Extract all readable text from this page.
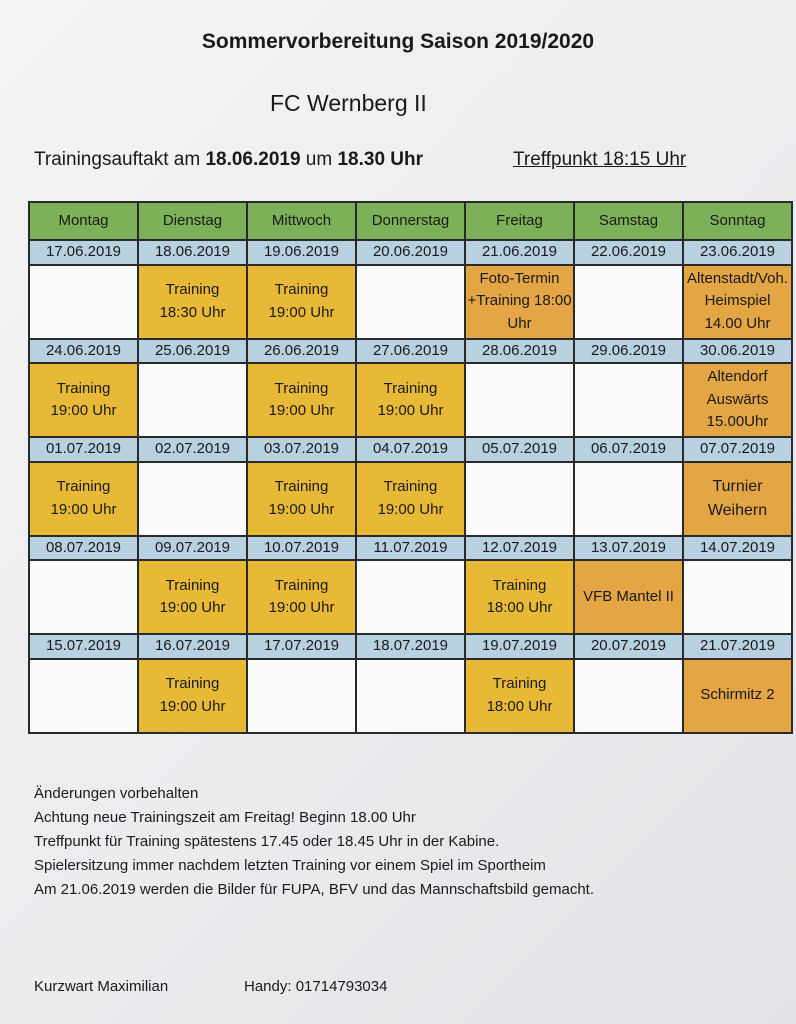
Sommervorbereitung Saison 2019/2020
FC Wernberg II
Trainingsauftakt am 18.06.2019 um 18.30 Uhr	Treffpunkt 18:15 Uhr
Montag	Dienstag	Mittwoch	Donnerstag	Freitag	Samstag	Sonntag
17.06.2019	18.06.2019	19.06.2019	20.06.2019	21.06.2019	22.06.2019	23.06.2019
	Training
18:30 Uhr	Training
19:00 Uhr		Foto-Termin
+Training 18:00
Uhr		Altenstadt/Voh.
Heimspiel
14.00 Uhr
24.06.2019	25.06.2019	26.06.2019	27.06.2019	28.06.2019	29.06.2019	30.06.2019
Training
19:00 Uhr		Training
19:00 Uhr	Training
19:00 Uhr			Altendorf
Auswärts
15.00Uhr
01.07.2019	02.07.2019	03.07.2019	04.07.2019	05.07.2019	06.07.2019	07.07.2019
Training
19:00 Uhr		Training
19:00 Uhr	Training
19:00 Uhr			Turnier
Weihern
08.07.2019	09.07.2019	10.07.2019	11.07.2019	12.07.2019	13.07.2019	14.07.2019
	Training
19:00 Uhr	Training
19:00 Uhr		Training
18:00 Uhr	VFB Mantel II	
15.07.2019	16.07.2019	17.07.2019	18.07.2019	19.07.2019	20.07.2019	21.07.2019
	Training
19:00 Uhr			Training
18:00 Uhr		Schirmitz 2
Änderungen vorbehalten
Achtung neue Trainingszeit am Freitag! Beginn 18.00 Uhr
Treffpunkt für Training spätestens 17.45 oder 18.45 Uhr in der Kabine.
Spielersitzung immer nachdem letzten Training vor einem Spiel im Sportheim
Am 21.06.2019 werden die Bilder für FUPA, BFV und das Mannschaftsbild gemacht.
Kurzwart Maximilian	Handy: 01714793034
